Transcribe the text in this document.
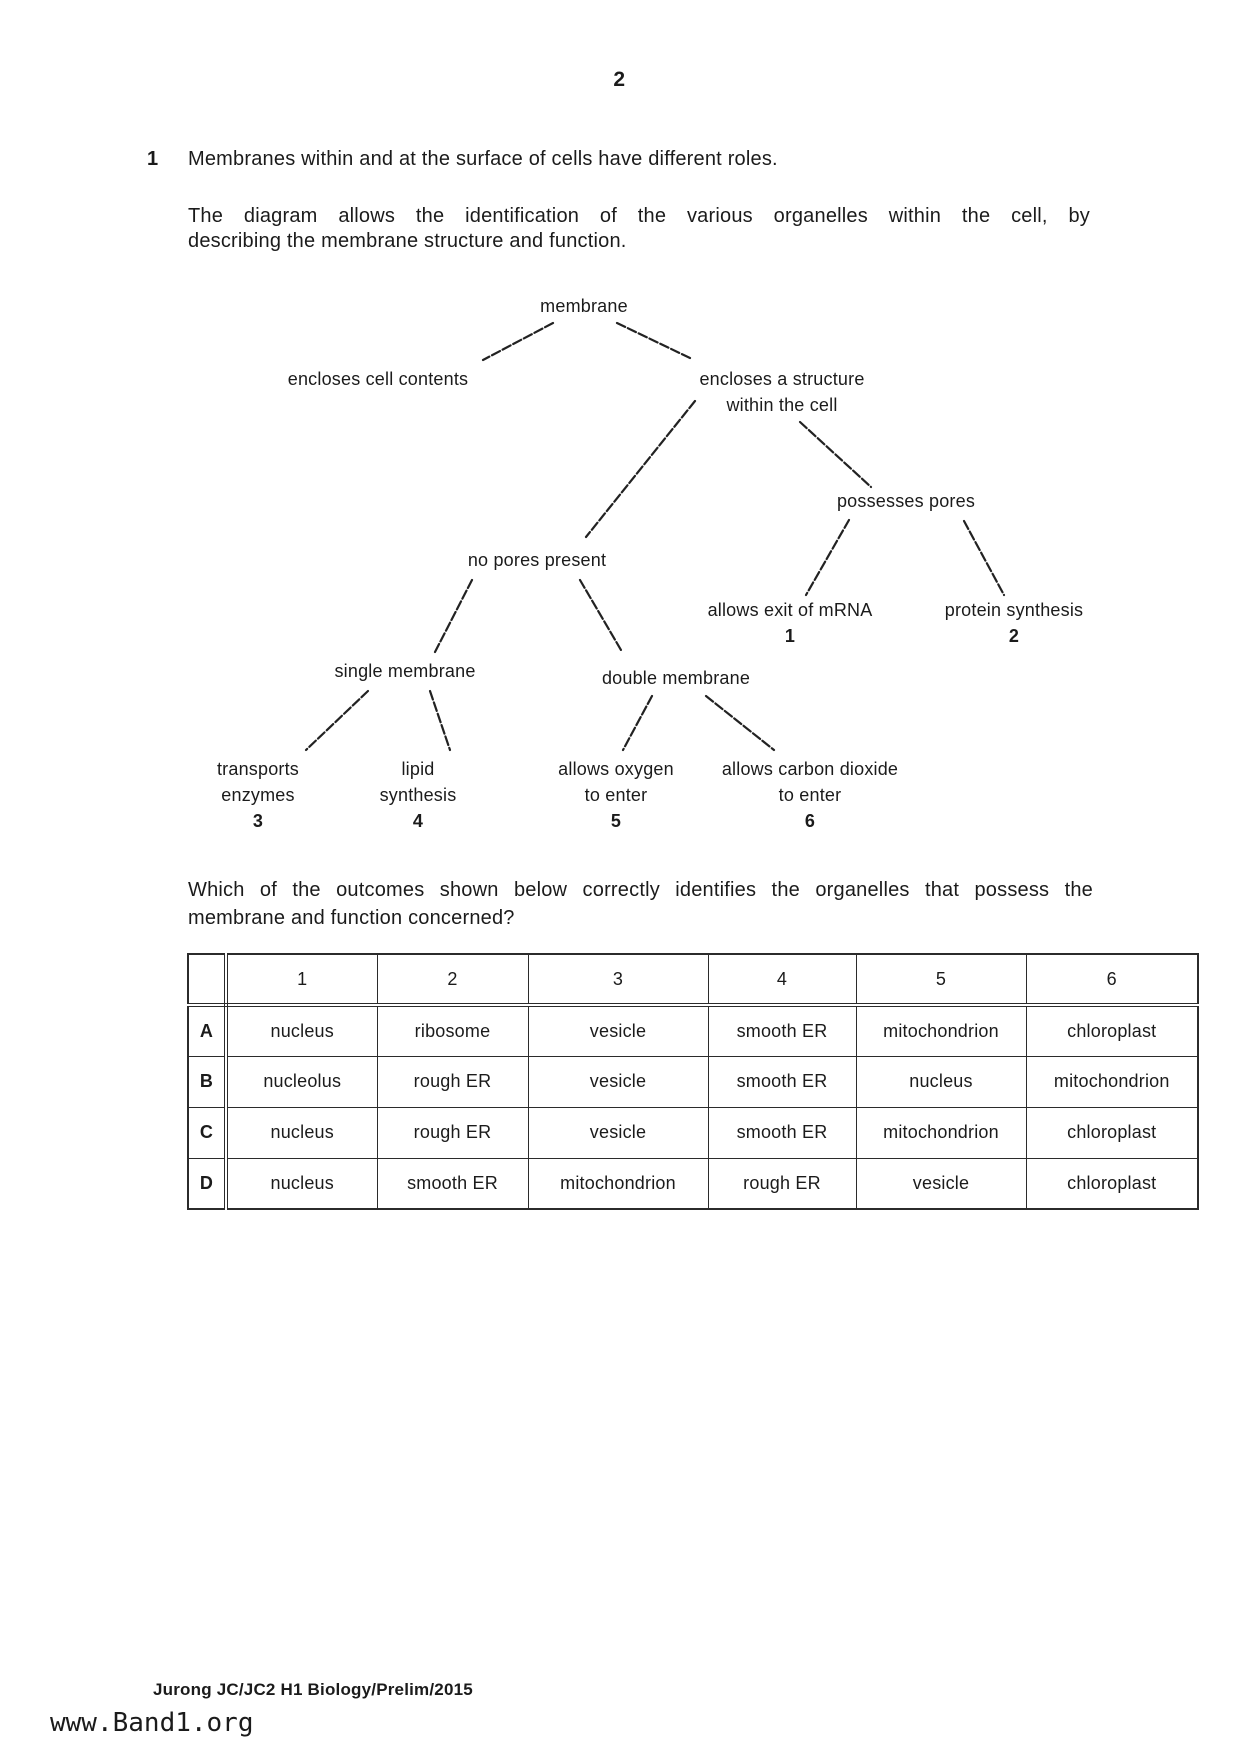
2
1 Membranes within and at the surface of cells have different roles.
The diagram allows the identification of the various organelles within the cell, by
describing the membrane structure and function.
membrane
encloses cell contents	encloses a structure
within the cell
possesses pores
no pores present
allows exit of mRNA
1
protein synthesis
2
single membrane	double membrane
transports
enzymes
3
lipid
synthesis
4
allows oxygen
to enter
5
allows carbon dioxide
to enter
6
Which of the outcomes shown below correctly identifies the organelles that possess the
membrane and function concerned?
	1	2	3	4	5	6
A	nucleus	ribosome	vesicle	smooth ER	mitochondrion	chloroplast
B	nucleolus	rough ER	vesicle	smooth ER	nucleus	mitochondrion
C	nucleus	rough ER	vesicle	smooth ER	mitochondrion	chloroplast
D	nucleus	smooth ER	mitochondrion	rough ER	vesicle	chloroplast
Jurong JC/JC2 H1 Biology/Prelim/2015
www.Band1.org
